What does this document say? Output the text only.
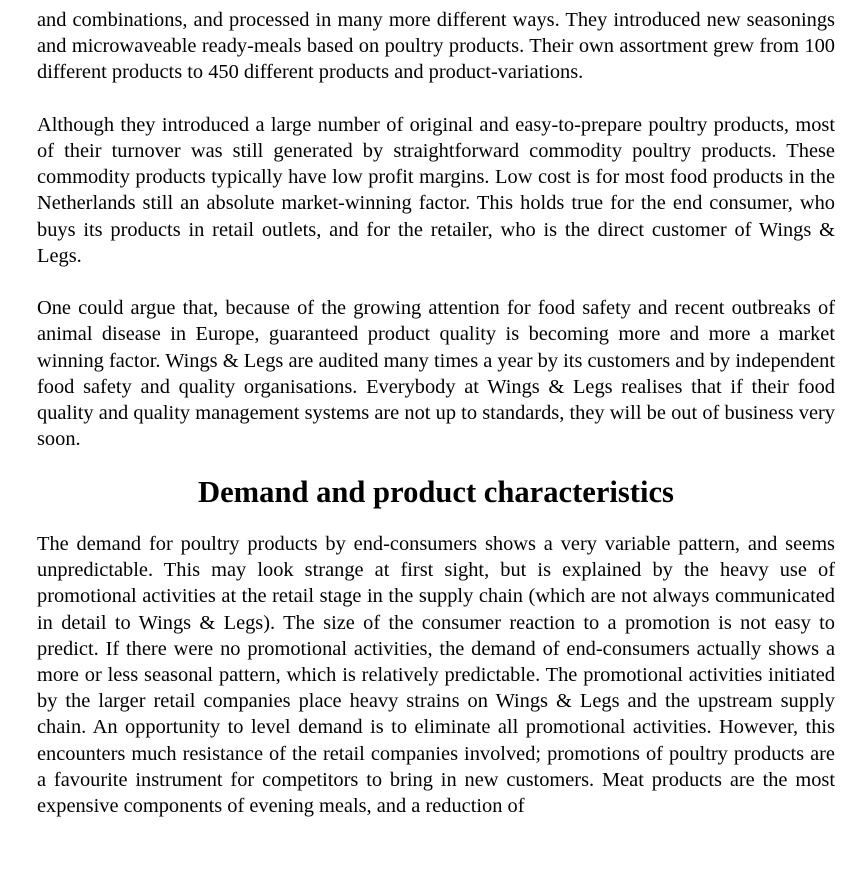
and combinations, and processed in many more different ways. They introduced new seasonings and microwaveable ready-meals based on poultry products. Their own assortment grew from 100 different products to 450 different products and product-variations.

Although they introduced a large number of original and easy-to-prepare poultry products, most of their turnover was still generated by straightforward commodity poultry products. These commodity products typically have low profit margins. Low cost is for most food products in the Netherlands still an absolute market-winning factor. This holds true for the end consumer, who buys its products in retail outlets, and for the retailer, who is the direct customer of Wings & Legs.

One could argue that, because of the growing attention for food safety and recent outbreaks of animal disease in Europe, guaranteed product quality is becoming more and more a market winning factor. Wings & Legs are audited many times a year by its customers and by independent food safety and quality organisations. Everybody at Wings & Legs realises that if their food quality and quality management systems are not up to standards, they will be out of business very soon.

Demand and product characteristics

The demand for poultry products by end-consumers shows a very variable pattern, and seems unpredictable. This may look strange at first sight, but is explained by the heavy use of promotional activities at the retail stage in the supply chain (which are not always communicated in detail to Wings & Legs). The size of the consumer reaction to a promotion is not easy to predict. If there were no promotional activities, the demand of end-consumers actually shows a more or less seasonal pattern, which is relatively predictable. The promotional activities initiated by the larger retail companies place heavy strains on Wings & Legs and the upstream supply chain. An opportunity to level demand is to eliminate all promotional activities. However, this encounters much resistance of the retail companies involved; promotions of poultry products are a favourite instrument for competitors to bring in new customers. Meat products are the most expensive components of evening meals, and a reduction of
